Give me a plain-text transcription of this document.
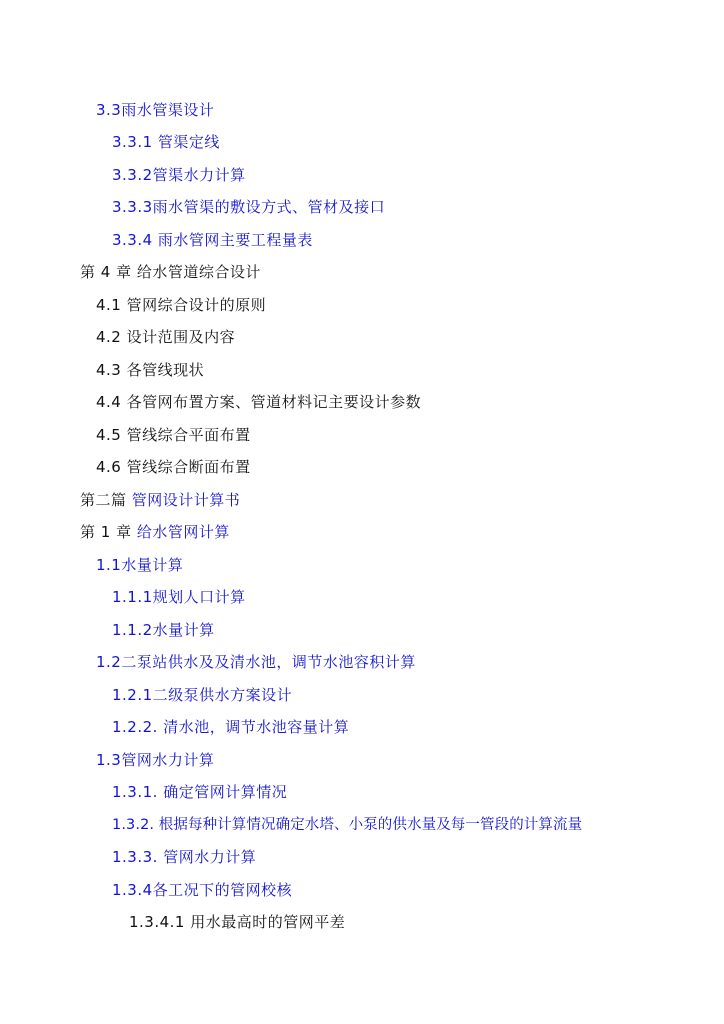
3.3雨水管渠设计
3.3.1 管渠定线
3.3.2管渠水力计算
3.3.3雨水管渠的敷设方式、管材及接口
3.3.4 雨水管网主要工程量表
第 4 章 给水管道综合设计
4.1 管网综合设计的原则
4.2 设计范围及内容
4.3 各管线现状
4.4 各管网布置方案、管道材料记主要设计参数
4.5 管线综合平面布置
4.6 管线综合断面布置
第二篇 管网设计计算书
第 1 章 给水管网计算
1.1水量计算
1.1.1规划人口计算
1.1.2水量计算
1.2二泵站供水及及清水池，调节水池容积计算
1.2.1二级泵供水方案设计
1.2.2. 清水池，调节水池容量计算
1.3管网水力计算
1.3.1. 确定管网计算情况
1.3.2. 根据每种计算情况确定水塔、小泵的供水量及每一管段的计算流量
1.3.3. 管网水力计算
1.3.4各工况下的管网校核
1.3.4.1 用水最高时的管网平差
